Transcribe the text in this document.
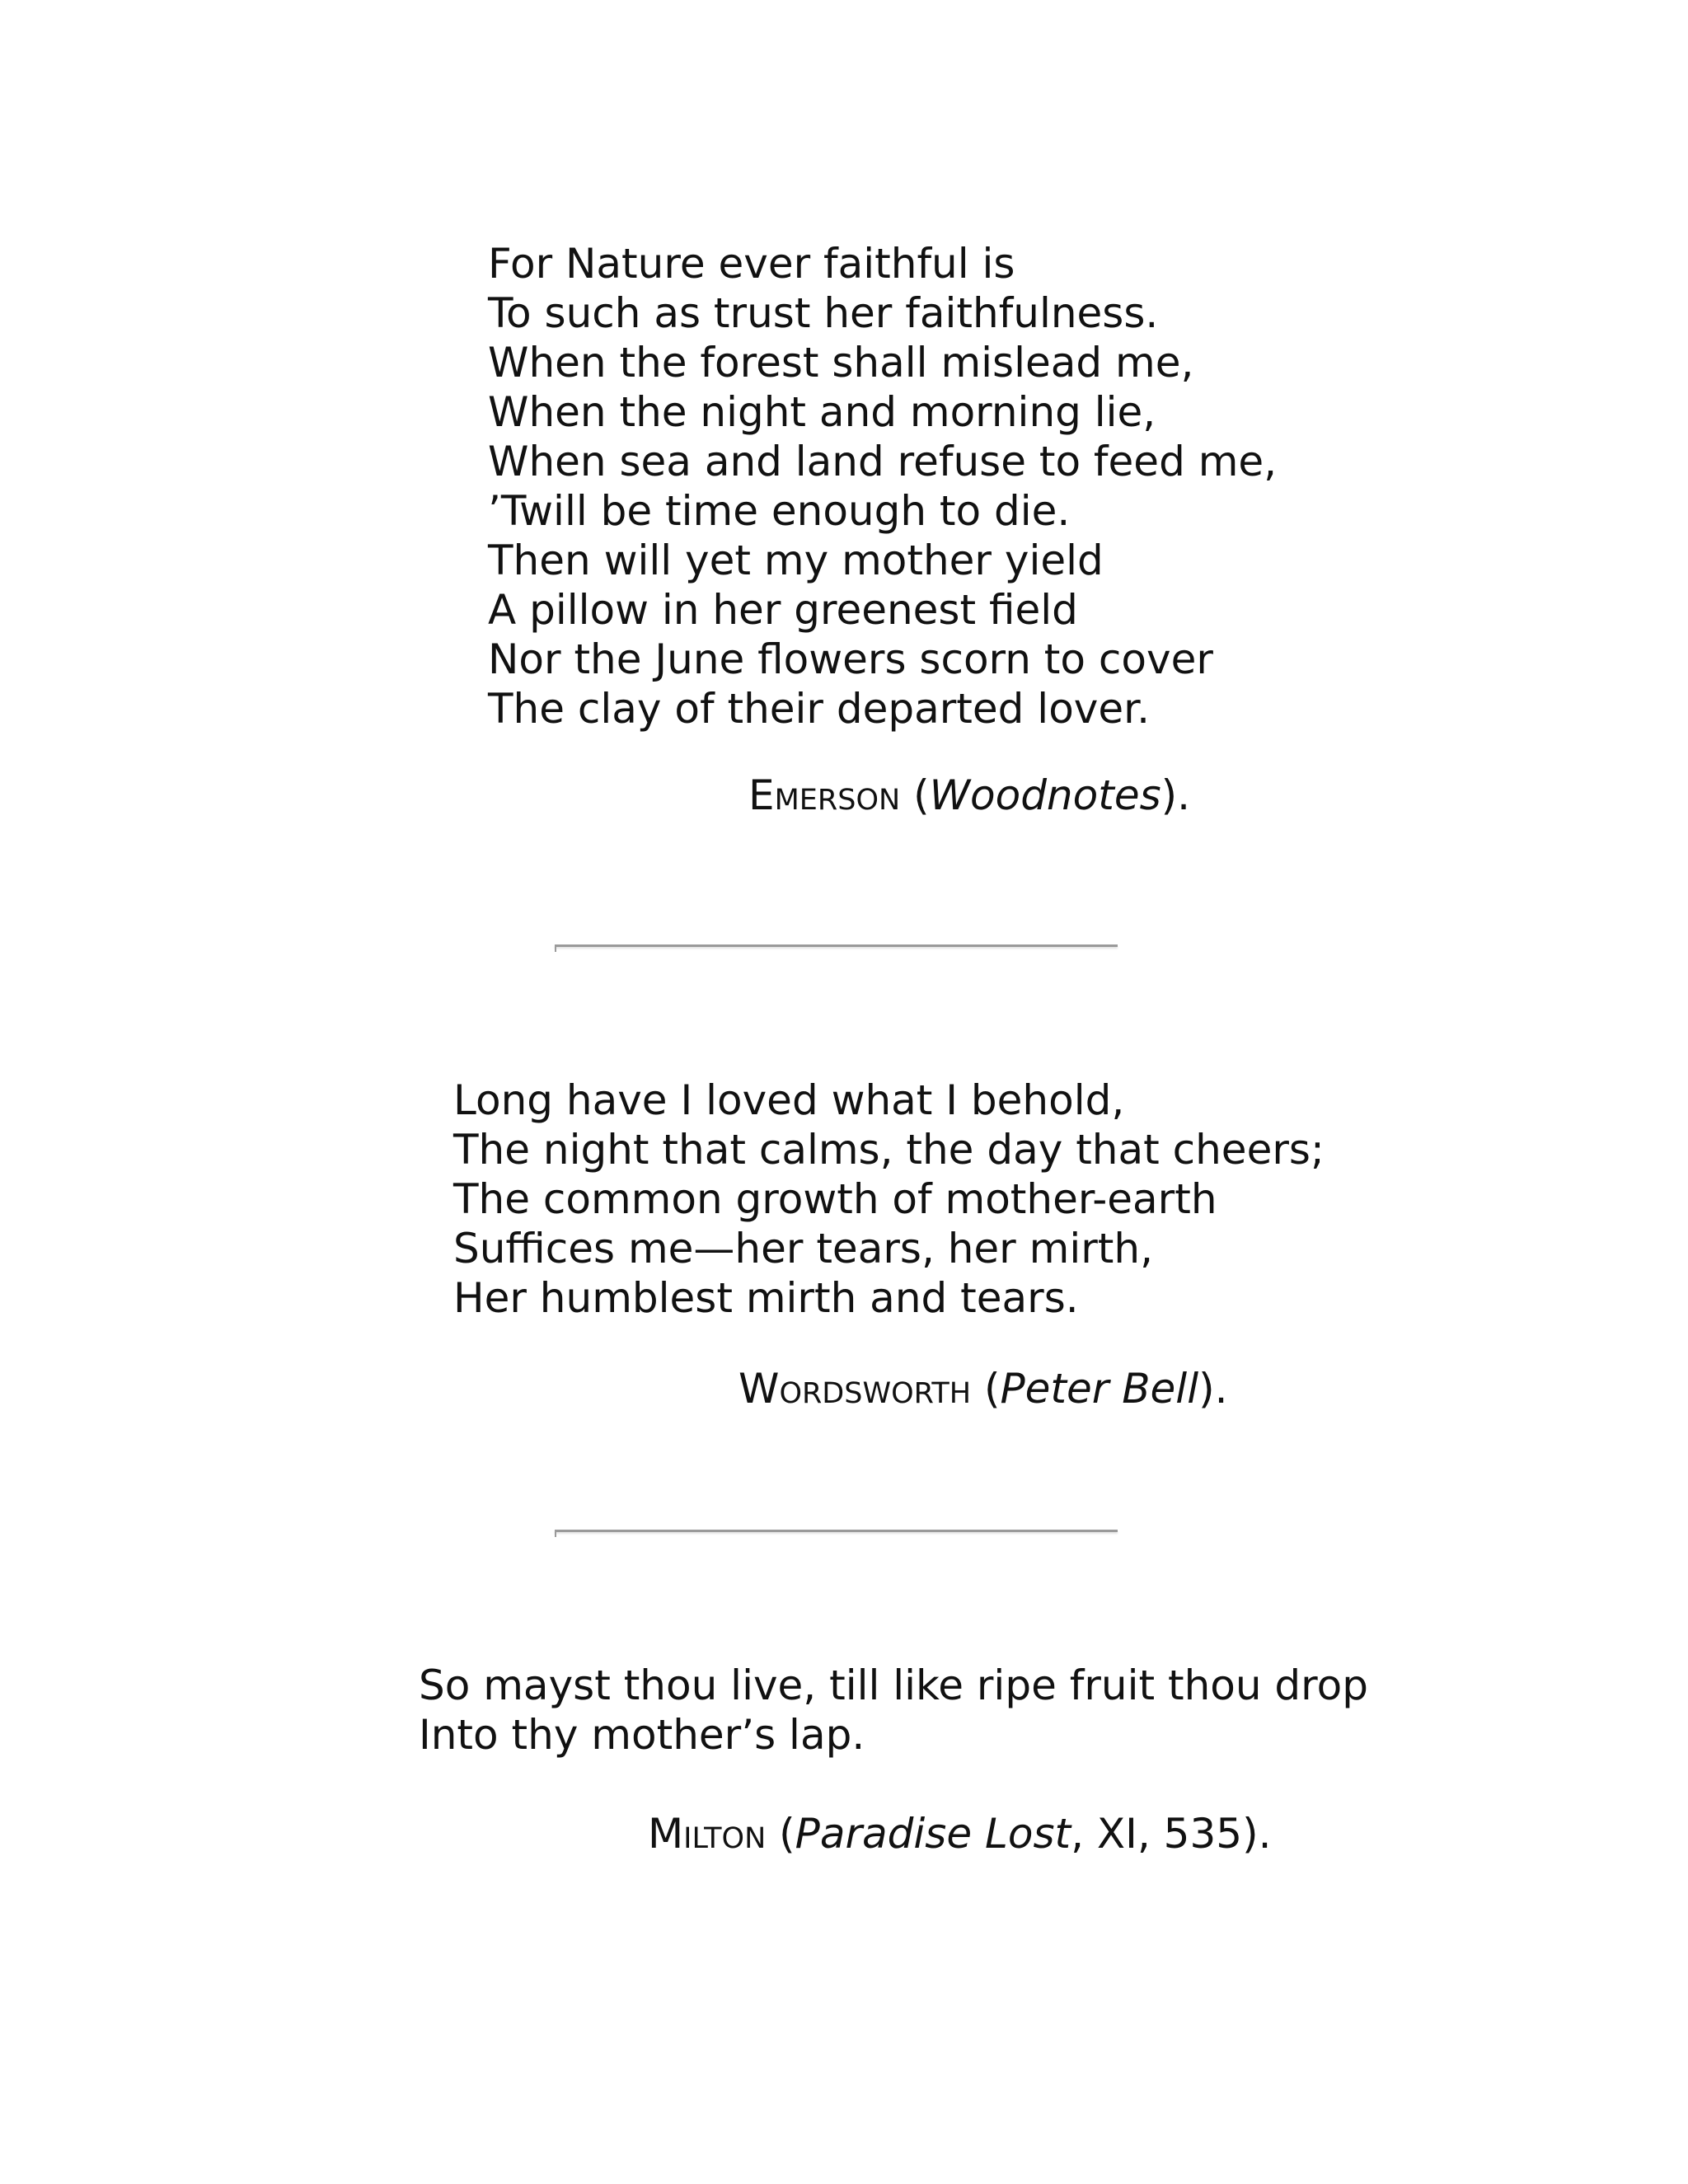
For Nature ever faithful is
To such as trust her faithfulness.
When the forest shall mislead me,
When the night and morning lie,
When sea and land refuse to feed me,
’Twill be time enough to die.
Then will yet my mother yield
A pillow in her greenest field
Nor the June flowers scorn to cover
The clay of their departed lover.
Emerson (Woodnotes).
Long have I loved what I behold,
The night that calms, the day that cheers;
The common growth of mother-earth
Suffices me—her tears, her mirth,
Her humblest mirth and tears.
Wordsworth (Peter Bell).
So mayst thou live, till like ripe fruit thou drop
Into thy mother’s lap.
Milton (Paradise Lost, XI, 535).
